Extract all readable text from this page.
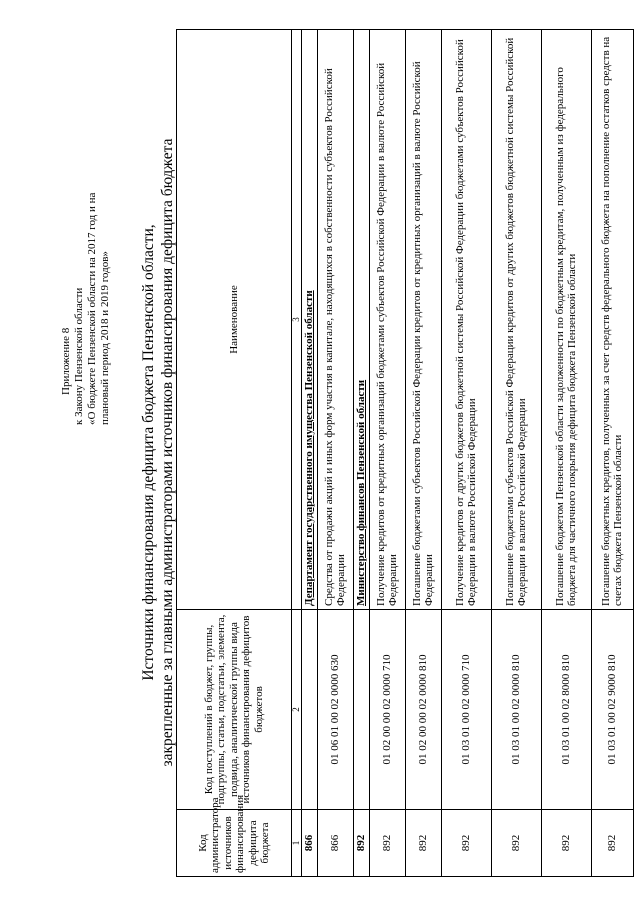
Приложение 8 к Закону Пензенской области «О бюджете Пензенской области на 2017 год и на плановый период 2018 и 2019 годов» Источники финансирования дефицита бюджета Пензенской области, закрепленные за главными администраторами источников финансирования дефицита бюджета
Код администратора источников финансирования дефицита бюджета	Код поступлений в бюджет, группы, подгруппы, статьи, подстатьи, элемента, подвида, аналитической группы вида источников финансирования дефицитов бюджетов	Наименование
1	2	3
866		Департамент государственного имущества Пензенской области
866	01 06 01 00 02 0000 630	Средства от продажи акций и иных форм участия в капитале, находящихся в собственности субъектов Российской Федерации
892		Министерство финансов Пензенской области
892	01 02 00 00 02 0000 710	Получение кредитов от кредитных организаций бюджетами субъектов Российской Федерации в валюте Российской Федерации
892	01 02 00 00 02 0000 810	Погашение бюджетами субъектов Российской Федерации кредитов от кредитных организаций в валюте Российской Федерации
892	01 03 01 00 02 0000 710	Получение кредитов от других бюджетов бюджетной системы Российской Федерации бюджетами субъектов Российской Федерации в валюте Российской Федерации
892	01 03 01 00 02 0000 810	Погашение бюджетами субъектов Российской Федерации кредитов от других бюджетов бюджетной системы Российской Федерации в валюте Российской Федерации
892	01 03 01 00 02 8000 810	Погашение бюджетом Пензенской области задолженности по бюджетным кредитам, полученным из федерального бюджета для частичного покрытия дефицита бюджета Пензенской области
892	01 03 01 00 02 9000 810	Погашение бюджетных кредитов, полученных за счет средств федерального бюджета на пополнение остатков средств на счетах бюджета Пензенской области
